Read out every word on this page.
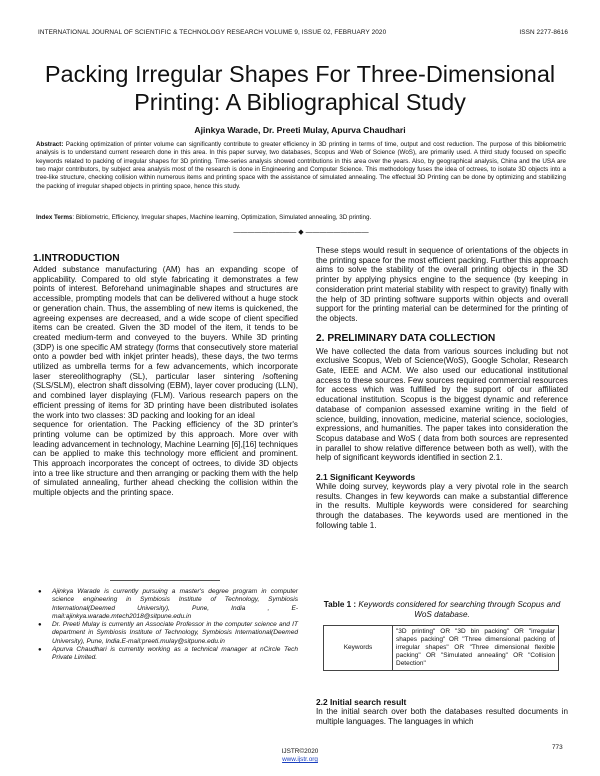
INTERNATIONAL JOURNAL OF SCIENTIFIC & TECHNOLOGY RESEARCH VOLUME 9, ISSUE 02, FEBRUARY 2020	ISSN 2277-8616
Packing Irregular Shapes For Three-Dimensional
Printing: A Bibliographical Study
Ajinkya Warade, Dr. Preeti Mulay, Apurva Chaudhari
Abstract: Packing optimization of printer volume can significantly contribute to greater efficiency in 3D printing in terms of time, output and cost reduction. The purpose of this bibliometric analysis is to understand current research done in this area. In this paper survey, two databases, Scopus and Web of Science (WoS), are primarily used. A third study focused on specific keywords related to packing of irregular shapes for 3D printing. Time-series analysis showed contributions in this area over the years. Also, by geographical analysis, China and the USA are two major contributors, by subject area analysis most of the research is done in Engineering and Computer Science. This methodology fuses the idea of octrees, to isolate 3D objects into a tree-like structure, checking collision within numerous items and printing space with the assistance of simulated annealing. The effectual 3D Printing can be done by optimizing and stabilizing the packing of irregular shaped objects in printing space, hence this study.
Index Terms: Bibliometric, Efficiency, Irregular shapes, Machine learning, Optimization, Simulated annealing, 3D printing.
————————— ◆ —————————
1.INTRODUCTION

Added substance manufacturing (AM) has an expanding scope of applicability. Compared to old style fabricating it demonstrates a few points of interest. Beforehand unimaginable shapes and structures are accessible, prompting models that can be delivered without a huge stock or generation chain. Thus, the assembling of new items is quickened, the agreeing expenses are decreased, and a wide scope of client specified items can be created. Given the 3D model of the item, it tends to be created medium-term and conveyed to the buyers. While 3D printing (3DP) is one specific AM strategy (forms that consecutively store material onto a powder bed with inkjet printer heads), these days, the two terms utilized as umbrella terms for a few advancements, which incorporate laser stereolithography (SL), particular laser sintering /softening (SLS/SLM), electron shaft dissolving (EBM), layer cover producing (LLN), and combined layer displaying (FLM). Various research papers on the efficient pressing of items for 3D printing have been distributed isolates the work into two classes: 3D packing and looking for an ideal

sequence for orientation. The Packing efficiency of the 3D printer's printing volume can be optimized by this approach. More over with leading advancement in technology, Machine Learning [6],[16] techniques can be applied to make this technology more efficient and prominent. This approach incorporates the concept of octrees, to divide 3D objects into a tree like structure and then arranging or packing them with the help of simulated annealing, further ahead checking the collision within the multiple objects and the printing space.

● Ajinkya Warade is currently pursuing a master's degree program in computer science engineering in Symbiosis Institute of Technology, Symbiosis International(Deemed University), Pune, India , E-mail:ajinkya.warade.mtech2018@sitpune.edu.in
● Dr. Preeti Mulay is currently an Associate Professor in the computer science and IT department in Symbiosis Institute of Technology, Symbiosis International(Deemed University), Pune, India.E-mail:preeti.mulay@sitpune.edu.in
● Apurva Chaudhari is currently working as a technical manager at nCircle Tech Private Limited.

These steps would result in sequence of orientations of the objects in the printing space for the most efficient packing. Further this approach aims to solve the stability of the overall printing objects in the 3D printer by applying physics engine to the sequence (by keeping in consideration print material stability with respect to gravity) finally with the help of 3D printing software supports within objects and overall support for the printing material can be determined for the printing of the objects.

2. PRELIMINARY DATA COLLECTION

We have collected the data from various sources including but not exclusive Scopus, Web of Science(WoS), Google Scholar, Research Gate, IEEE and ACM. We also used our educational institutional access to these sources. Few sources required commercial resources for access which was fulfilled by the support of our affiliated educational institution. Scopus is the biggest dynamic and reference database of companion assessed examine writing in the field of science, building, innovation, medicine, material science, sociologies, expressions, and humanities. The paper takes into consideration the Scopus database and WoS ( data from both sources are represented in parallel to show relative difference between both as well), with the help of significant keywords identified in section 2.1.

2.1 Significant Keywords

While doing survey, keywords play a very pivotal role in the search results. Changes in few keywords can make a substantial difference in the results. Multiple keywords were considered for searching through the databases. The keywords used are mentioned in the following table 1.

Table 1 : Keywords considered for searching through Scopus and WoS database.
Keywords	"3D printing" OR "3D bin packing" OR "irregular shapes packing" OR "Three dimensional packing of irregular shapes" OR "Three dimensional flexible packing" OR "Simulated annealing" OR "Collision Detection"
2.2 Initial search result

In the initial search over both the databases resulted documents in multiple languages. The languages in which

773
IJSTR©2020
www.ijstr.org
